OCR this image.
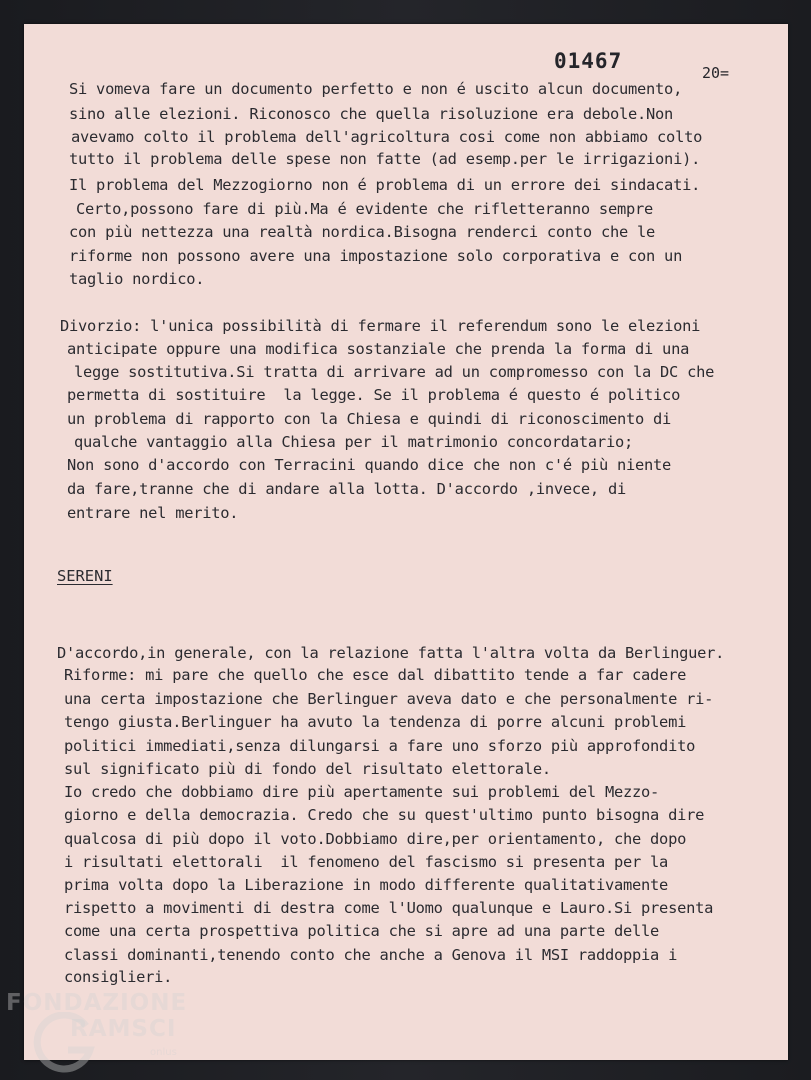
01467	20=
Si vomeva fare un documento perfetto e non é uscito alcun documento,
sino alle elezioni. Riconosco che quella risoluzione era debole.Non
avevamo colto il problema dell'agricoltura cosi come non abbiamo colto
tutto il problema delle spese non fatte (ad esemp.per le irrigazioni).
Il problema del Mezzogiorno non é problema di un errore dei sindacati.
Certo,possono fare di più.Ma é evidente che rifletteranno sempre
con più nettezza una realtà nordica.Bisogna renderci conto che le
riforme non possono avere una impostazione solo corporativa e con un
taglio nordico.
Divorzio: l'unica possibilità di fermare il referendum sono le elezioni
anticipate oppure una modifica sostanziale che prenda la forma di una
legge sostitutiva.Si tratta di arrivare ad un compromesso con la DC che
permetta di sostituire  la legge. Se il problema é questo é politico
un problema di rapporto con la Chiesa e quindi di riconoscimento di
qualche vantaggio alla Chiesa per il matrimonio concordatario;
Non sono d'accordo con Terracini quando dice che non c'é più niente
da fare,tranne che di andare alla lotta. D'accordo ,invece, di
entrare nel merito.
SERENI
D'accordo,in generale, con la relazione fatta l'altra volta da Berlinguer.
Riforme: mi pare che quello che esce dal dibattito tende a far cadere
una certa impostazione che Berlinguer aveva dato e che personalmente ri-
tengo giusta.Berlinguer ha avuto la tendenza di porre alcuni problemi
politici immediati,senza dilungarsi a fare uno sforzo più approfondito
sul significato più di fondo del risultato elettorale.
Io credo che dobbiamo dire più apertamente sui problemi del Mezzo-
giorno e della democrazia. Credo che su quest'ultimo punto bisogna dire
qualcosa di più dopo il voto.Dobbiamo dire,per orientamento, che dopo
i risultati elettorali  il fenomeno del fascismo si presenta per la
prima volta dopo la Liberazione in modo differente qualitativamente
rispetto a movimenti di destra come l'Uomo qualunque e Lauro.Si presenta
come una certa prospettiva politica che si apre ad una parte delle
classi dominanti,tenendo conto che anche a Genova il MSI raddoppia i
consiglieri.
FONDAZIONE
RAMSCI
onlus
